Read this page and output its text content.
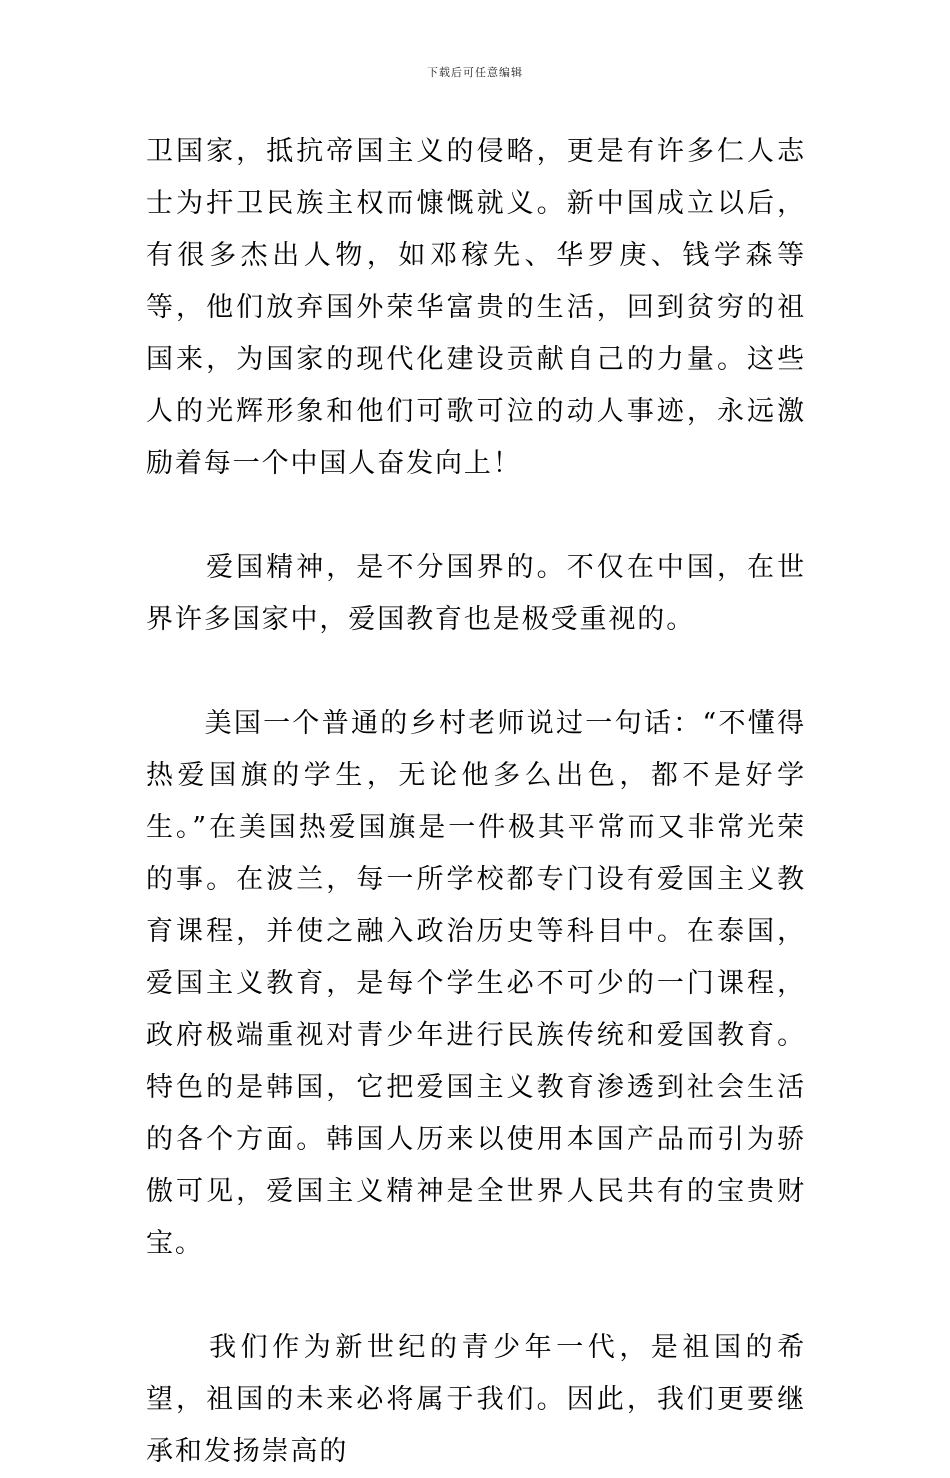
下载后可任意编辑

卫国家，抵抗帝国主义的侵略，更是有许多仁人志士为扞卫民族主权而慷慨就义。新中国成立以后，有很多杰出人物，如邓稼先、华罗庚、钱学森等等，他们放弃国外荣华富贵的生活，回到贫穷的祖国来，为国家的现代化建设贡献自己的力量。这些人的光辉形象和他们可歌可泣的动人事迹，永远激励着每一个中国人奋发向上！

　　爱国精神，是不分国界的。不仅在中国，在世界许多国家中，爱国教育也是极受重视的。

　　美国一个普通的乡村老师说过一句话：“不懂得热爱国旗的学生，无论他多么出色，都不是好学生。”在美国热爱国旗是一件极其平常而又非常光荣的事。在波兰，每一所学校都专门设有爱国主义教育课程，并使之融入政治历史等科目中。在泰国，爱国主义教育，是每个学生必不可少的一门课程，政府极端重视对青少年进行民族传统和爱国教育。特色的是韩国，它把爱国主义教育渗透到社会生活的各个方面。韩国人历来以使用本国产品而引为骄傲可见，爱国主义精神是全世界人民共有的宝贵财宝。

　　我们作为新世纪的青少年一代，是祖国的希望，祖国的未来必将属于我们。因此，我们更要继承和发扬崇高的
